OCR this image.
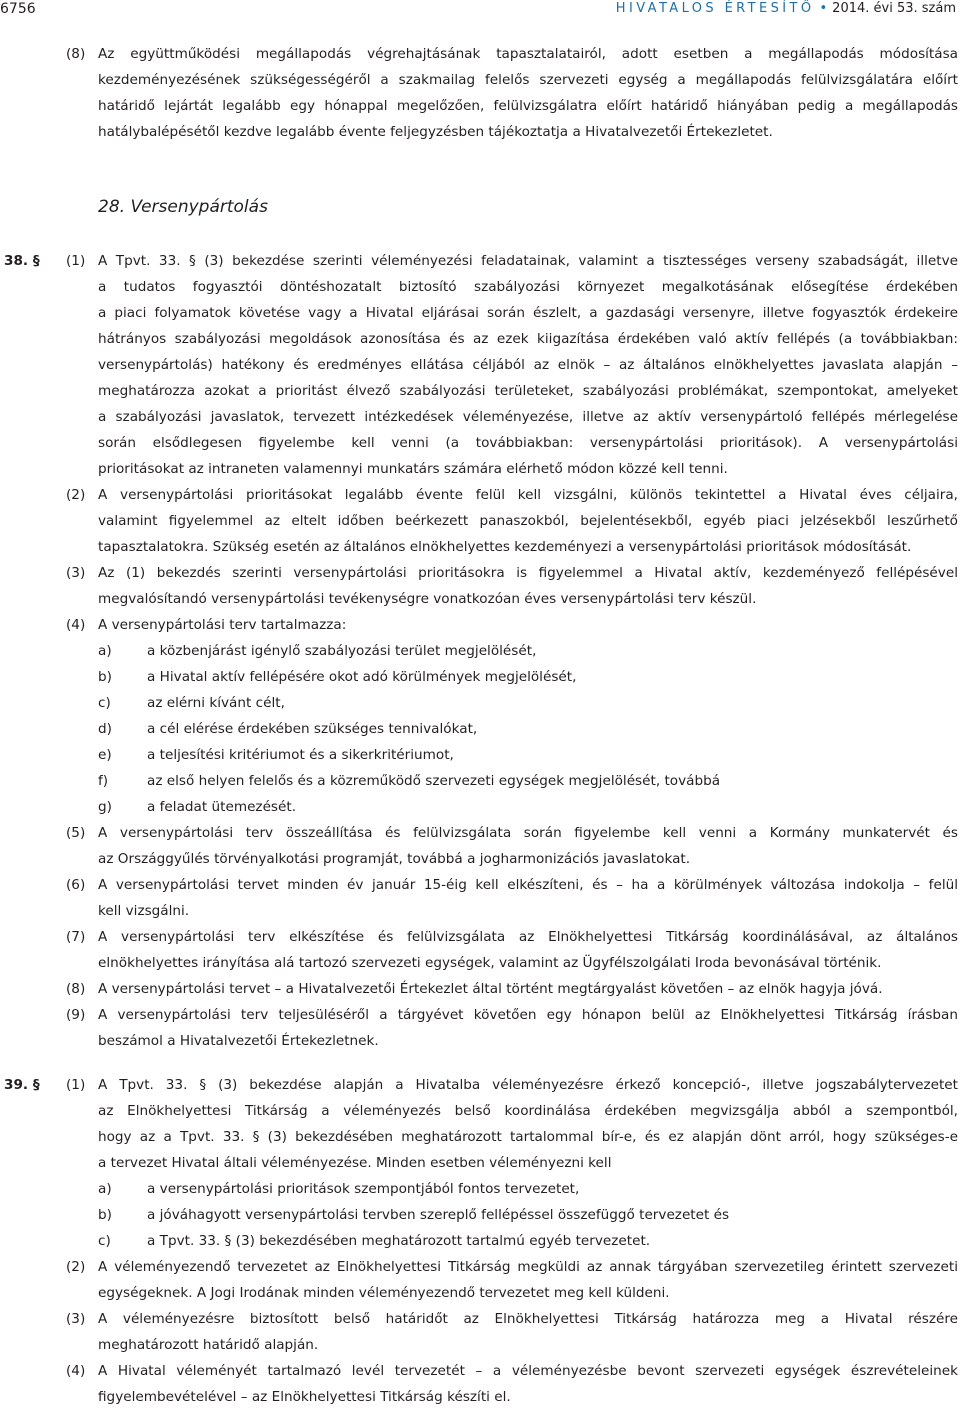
6756	HIVATALOS ÉRTESÍTŐ • 2014. évi 53. szám
(8) Az együttműködési megállapodás végrehajtásának tapasztalatairól, adott esetben a megállapodás módosítása
kezdeményezésének szükségességéről a szakmailag felelős szervezeti egység a megállapodás felülvizsgálatára előírt
határidő lejártát legalább egy hónappal megelőzően, felülvizsgálatra előírt határidő hiányában pedig a megállapodás
hatálybalépésétől kezdve legalább évente feljegyzésben tájékoztatja a Hivatalvezetői Értekezletet.
28. Versenypártolás
38. § (1) A Tpvt. 33. § (3) bekezdése szerinti véleményezési feladatainak, valamint a tisztességes verseny szabadságát, illetve
a tudatos fogyasztói döntéshozatalt biztosító szabályozási környezet megalkotásának elősegítése érdekében
a piaci folyamatok követése vagy a Hivatal eljárásai során észlelt, a gazdasági versenyre, illetve fogyasztók érdekeire
hátrányos szabályozási megoldások azonosítása és az ezek kiigazítása érdekében való aktív fellépés (a továbbiakban:
versenypártolás) hatékony és eredményes ellátása céljából az elnök – az általános elnökhelyettes javaslata alapján –
meghatározza azokat a prioritást élvező szabályozási területeket, szabályozási problémákat, szempontokat, amelyeket
a szabályozási javaslatok, tervezett intézkedések véleményezése, illetve az aktív versenypártoló fellépés mérlegelése
során elsődlegesen figyelembe kell venni (a továbbiakban: versenypártolási prioritások). A versenypártolási
prioritásokat az intraneten valamennyi munkatárs számára elérhető módon közzé kell tenni.
(2) A versenypártolási prioritásokat legalább évente felül kell vizsgálni, különös tekintettel a Hivatal éves céljaira,
valamint figyelemmel az eltelt időben beérkezett panaszokból, bejelentésekből, egyéb piaci jelzésekből leszűrhető
tapasztalatokra. Szükség esetén az általános elnökhelyettes kezdeményezi a versenypártolási prioritások módosítását.
(3) Az (1) bekezdés szerinti versenypártolási prioritásokra is figyelemmel a Hivatal aktív, kezdeményező fellépésével
megvalósítandó versenypártolási tevékenységre vonatkozóan éves versenypártolási terv készül.
(4) A versenypártolási terv tartalmazza:
(5) A versenypártolási terv összeállítása és felülvizsgálata során figyelembe kell venni a Kormány munkatervét és
az Országgyűlés törvényalkotási programját, továbbá a jogharmonizációs javaslatokat.
(6) A versenypártolási tervet minden év január 15-éig kell elkészíteni, és – ha a körülmények változása indokolja – felül
kell vizsgálni.
(7) A versenypártolási terv elkészítése és felülvizsgálata az Elnökhelyettesi Titkárság koordinálásával, az általános
elnökhelyettes irányítása alá tartozó szervezeti egységek, valamint az Ügyfélszolgálati Iroda bevonásával történik.
(8) A versenypártolási tervet – a Hivatalvezetői Értekezlet által történt megtárgyalást követően – az elnök hagyja jóvá.
(9) A versenypártolási terv teljesüléséről a tárgyévet követően egy hónapon belül az Elnökhelyettesi Titkárság írásban
beszámol a Hivatalvezetői Értekezletnek.
a)	a közbenjárást igénylő szabályozási terület megjelölését,
b)	a Hivatal aktív fellépésére okot adó körülmények megjelölését,
c)	az elérni kívánt célt,
d)	a cél elérése érdekében szükséges tennivalókat,
e)	a teljesítési kritériumot és a sikerkritériumot,
f)	az első helyen felelős és a közreműködő szervezeti egységek megjelölését, továbbá
g)	a feladat ütemezését.
39. § (1) A Tpvt. 33. § (3) bekezdése alapján a Hivatalba véleményezésre érkező koncepció-, illetve jogszabálytervezetet
az Elnökhelyettesi Titkárság a véleményezés belső koordinálása érdekében megvizsgálja abból a szempontból,
hogy az a Tpvt. 33. § (3) bekezdésében meghatározott tartalommal bír-e, és ez alapján dönt arról, hogy szükséges-e
a tervezet Hivatal általi véleményezése. Minden esetben véleményezni kell
(2) A véleményezendő tervezetet az Elnökhelyettesi Titkárság megküldi az annak tárgyában szervezetileg érintett szervezeti
egységeknek. A Jogi Irodának minden véleményezendő tervezetet meg kell küldeni.
(3) A véleményezésre biztosított belső határidőt az Elnökhelyettesi Titkárság határozza meg a Hivatal részére
meghatározott határidő alapján.
(4) A Hivatal véleményét tartalmazó levél tervezetét – a véleményezésbe bevont szervezeti egységek észrevételeinek
figyelembevételével – az Elnökhelyettesi Titkárság készíti el.
a)	a versenypártolási prioritások szempontjából fontos tervezetet,
b)	a jóváhagyott versenypártolási tervben szereplő fellépéssel összefüggő tervezetet és
c)	a Tpvt. 33. § (3) bekezdésében meghatározott tartalmú egyéb tervezetet.
